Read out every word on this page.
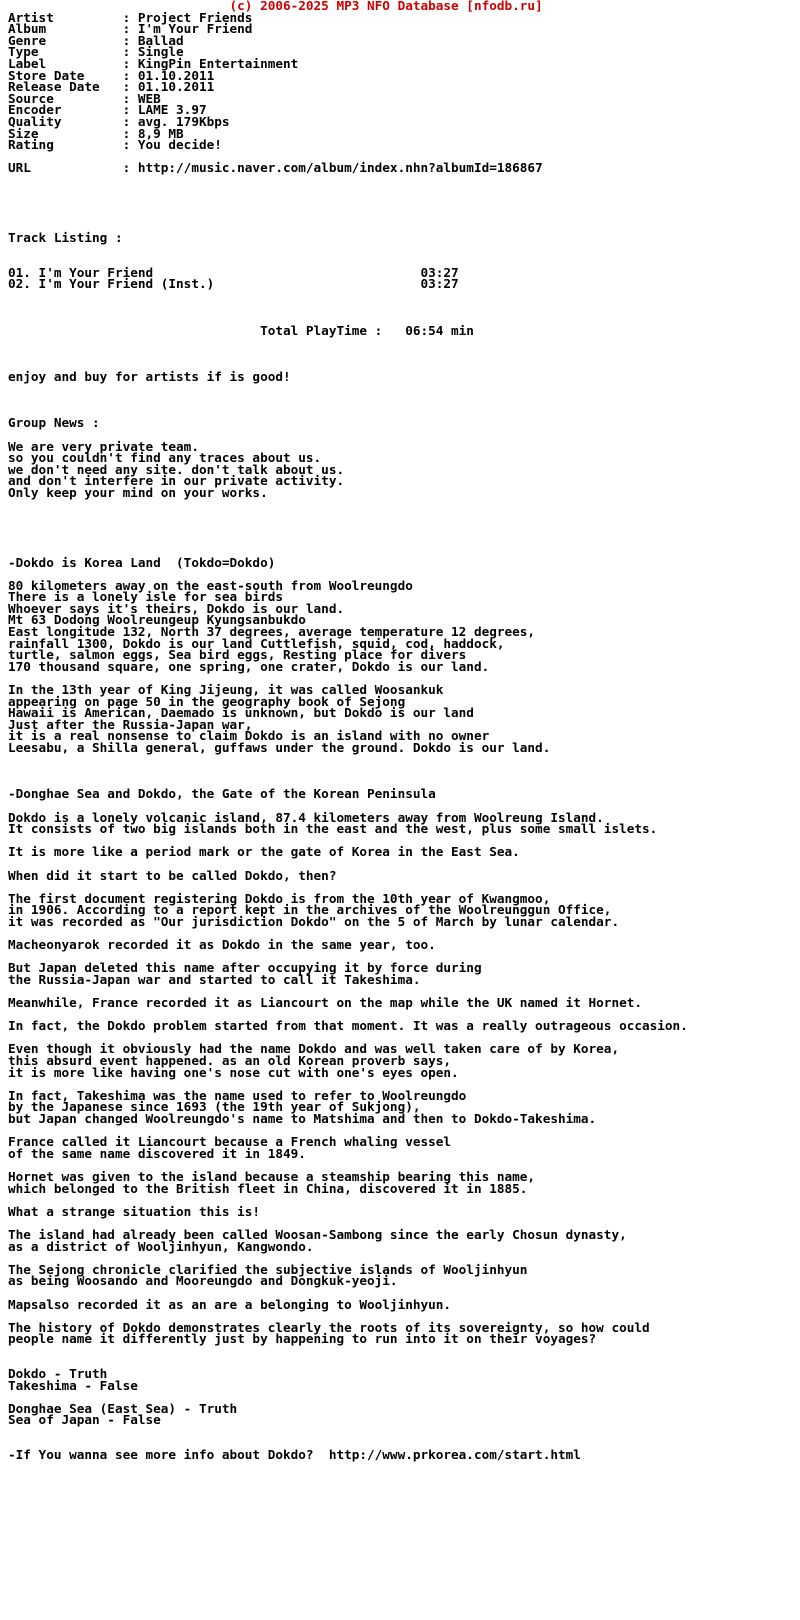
(c) 2006-2025 MP3 NFO Database [nfodb.ru]
Artist         : Project Friends
Album          : I'm Your Friend
Genre          : Ballad
Type           : Single
Label          : KingPin Entertainment
Store Date     : 01.10.2011
Release Date   : 01.10.2011
Source         : WEB
Encoder        : LAME 3.97
Quality        : avg. 179Kbps
Size           : 8,9 MB
Rating         : You decide!
URL            : http://music.naver.com/album/index.nhn?albumId=186867
Track Listing :
01. I'm Your Friend                                   03:27
02. I'm Your Friend (Inst.)                           03:27
Total PlayTime :   06:54 min
enjoy and buy for artists if is good!
Group News :
We are very private team.
so you couldn't find any traces about us.
we don't need any site. don't talk about us.
and don't interfere in our private activity.
Only keep your mind on your works.
-Dokdo is Korea Land  (Tokdo=Dokdo)
80 kilometers away on the east-south from Woolreungdo
There is a lonely isle for sea birds
Whoever says it's theirs, Dokdo is our land.
Mt 63 Dodong Woolreungeup Kyungsanbukdo
East longitude 132, North 37 degrees, average temperature 12 degrees,
rainfall 1300, Dokdo is our land Cuttlefish, squid, cod, haddock,
turtle, salmon eggs, Sea bird eggs, Resting place for divers
170 thousand square, one spring, one crater, Dokdo is our land.
In the 13th year of King Jijeung, it was called Woosankuk
appearing on page 50 in the geography book of Sejong
Hawaii is American, Daemado is unknown, but Dokdo is our land
Just after the Russia-Japan war,
it is a real nonsense to claim Dokdo is an island with no owner
Leesabu, a Shilla general, guffaws under the ground. Dokdo is our land.
-Donghae Sea and Dokdo, the Gate of the Korean Peninsula
Dokdo is a lonely volcanic island, 87.4 kilometers away from Woolreung Island.
It consists of two big islands both in the east and the west, plus some small islets.
It is more like a period mark or the gate of Korea in the East Sea.
When did it start to be called Dokdo, then?
The first document registering Dokdo is from the 10th year of Kwangmoo,
in 1906. According to a report kept in the archives of the Woolreunggun Office,
it was recorded as "Our jurisdiction Dokdo" on the 5 of March by lunar calendar.
Macheonyarok recorded it as Dokdo in the same year, too.
But Japan deleted this name after occupying it by force during
the Russia-Japan war and started to call it Takeshima.
Meanwhile, France recorded it as Liancourt on the map while the UK named it Hornet.
In fact, the Dokdo problem started from that moment. It was a really outrageous occasion.
Even though it obviously had the name Dokdo and was well taken care of by Korea,
this absurd event happened. as an old Korean proverb says,
it is more like having one's nose cut with one's eyes open.
In fact, Takeshima was the name used to refer to Woolreungdo
by the Japanese since 1693 (the 19th year of Sukjong),
but Japan changed Woolreungdo's name to Matshima and then to Dokdo-Takeshima.
France called it Liancourt because a French whaling vessel
of the same name discovered it in 1849.
Hornet was given to the island because a steamship bearing this name,
which belonged to the British fleet in China, discovered it in 1885.
What a strange situation this is!
The island had already been called Woosan-Sambong since the early Chosun dynasty,
as a district of Wooljinhyun, Kangwondo.
The Sejong chronicle clarified the subjective islands of Wooljinhyun
as being Woosando and Mooreungdo and Dongkuk-yeoji.
Mapsalso recorded it as an are a belonging to Wooljinhyun.
The history of Dokdo demonstrates clearly the roots of its sovereignty, so how could
people name it differently just by happening to run into it on their voyages?
Dokdo - Truth
Takeshima - False
Donghae Sea (East Sea) - Truth
Sea of Japan - False
-If You wanna see more info about Dokdo?  http://www.prkorea.com/start.html
